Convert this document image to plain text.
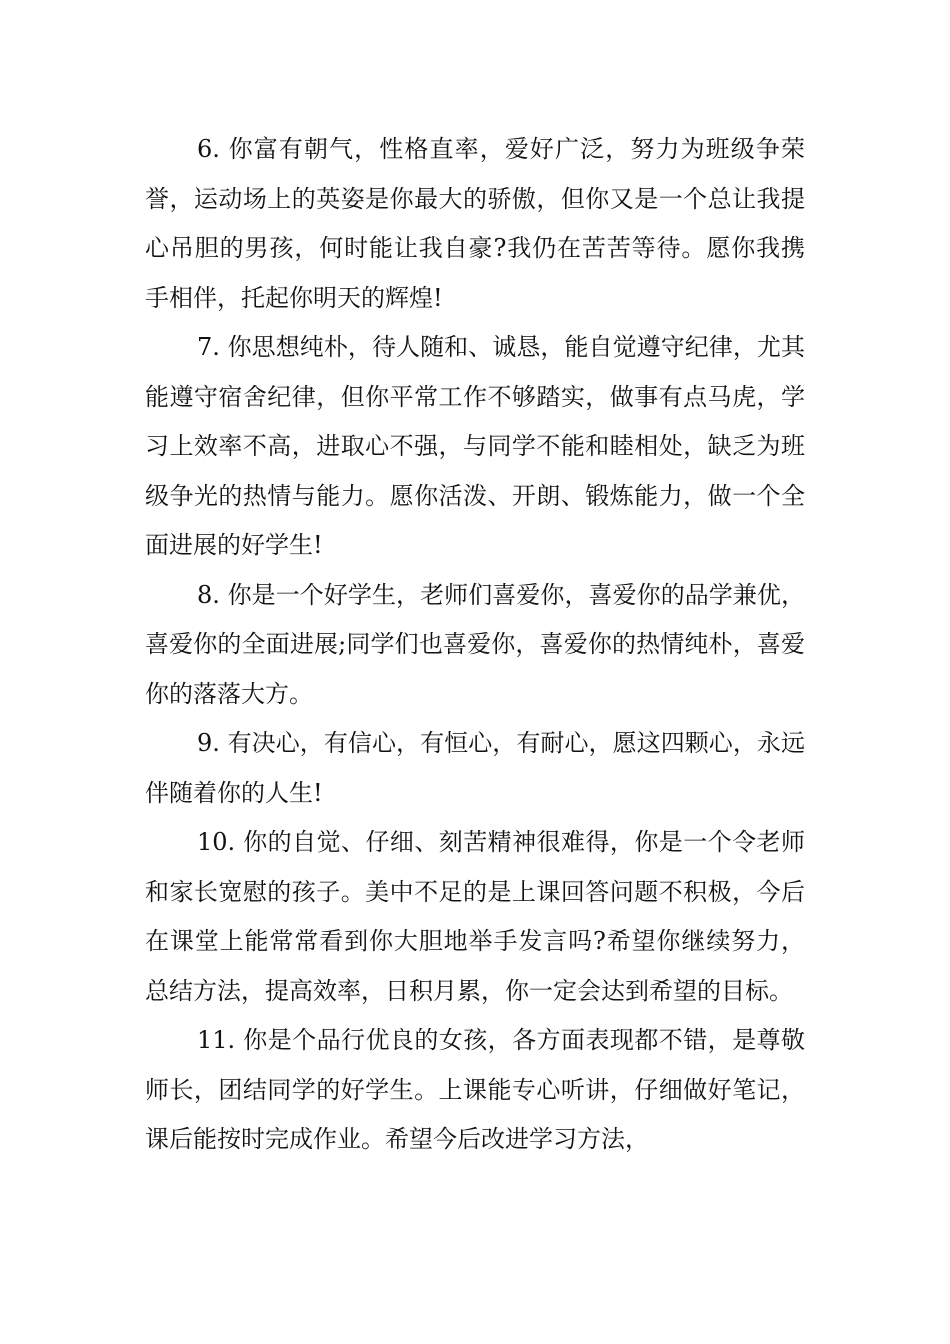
6. 你富有朝气，性格直率，爱好广泛，努力为班级争荣誉，运动场上的英姿是你最大的骄傲，但你又是一个总让我提心吊胆的男孩，何时能让我自豪?我仍在苦苦等待。愿你我携手相伴，托起你明天的辉煌!

7. 你思想纯朴，待人随和、诚恳，能自觉遵守纪律，尤其能遵守宿舍纪律，但你平常工作不够踏实，做事有点马虎，学习上效率不高，进取心不强，与同学不能和睦相处，缺乏为班级争光的热情与能力。愿你活泼、开朗、锻炼能力，做一个全面进展的好学生!

8. 你是一个好学生，老师们喜爱你，喜爱你的品学兼优，喜爱你的全面进展;同学们也喜爱你，喜爱你的热情纯朴，喜爱你的落落大方。

9. 有决心，有信心，有恒心，有耐心，愿这四颗心，永远伴随着你的人生!

10. 你的自觉、仔细、刻苦精神很难得，你是一个令老师和家长宽慰的孩子。美中不足的是上课回答问题不积极，今后在课堂上能常常看到你大胆地举手发言吗?希望你继续努力，总结方法，提高效率，日积月累，你一定会达到希望的目标。

11. 你是个品行优良的女孩，各方面表现都不错，是尊敬师长，团结同学的好学生。上课能专心听讲，仔细做好笔记，课后能按时完成作业。希望今后改进学习方法，
